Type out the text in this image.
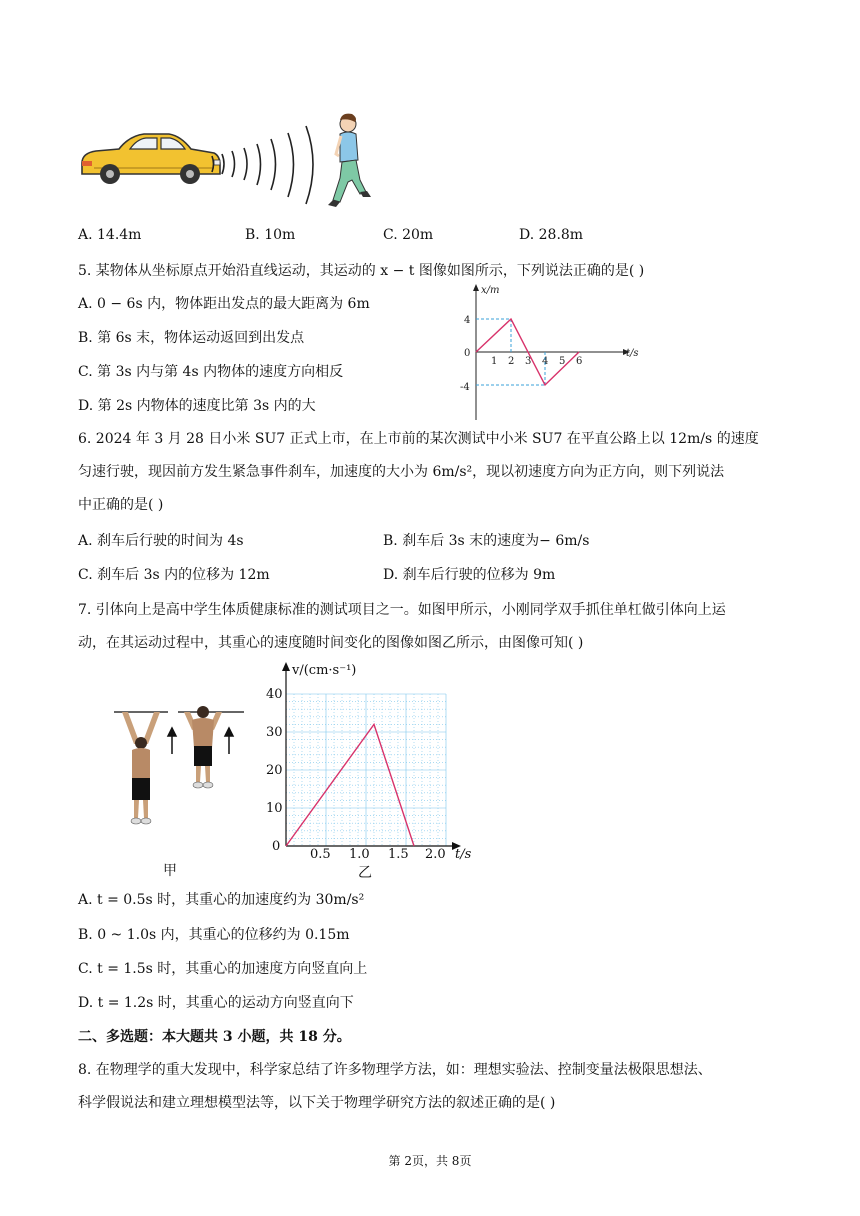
A. 14.4m	B. 10m	C. 20m	D. 28.8m
5. 某物体从坐标原点开始沿直线运动，其运动的 x − t 图像如图所示，下列说法正确的是( )
A. 0 − 6s 内，物体距出发点的最大距离为 6m
B. 第 6s 末，物体运动返回到出发点
C. 第 3s 内与第 4s 内物体的速度方向相反
D. 第 2s 内物体的速度比第 3s 内的大
x/m
t/s
4
0
-4
1 2 3 4 5 6
6. 2024 年 3 月 28 日小米 SU7 正式上市，在上市前的某次测试中小米 SU7 在平直公路上以 12m/s 的速度
匀速行驶，现因前方发生紧急事件刹车，加速度的大小为 6m/s²，现以初速度方向为正方向，则下列说法
中正确的是( )
A. 刹车后行驶的时间为 4s	B. 刹车后 3s 末的速度为− 6m/s
C. 刹车后 3s 内的位移为 12m	D. 刹车后行驶的位移为 9m
7. 引体向上是高中学生体质健康标准的测试项目之一。如图甲所示，小刚同学双手抓住单杠做引体向上运
动，在其运动过程中，其重心的速度随时间变化的图像如图乙所示，由图像可知( )
甲
v/(cm·s⁻¹)
t/s
40
30
20
10
0
0.5 1.0 1.5 2.0
乙
A. t = 0.5s 时，其重心的加速度约为 30m/s²
B. 0 ~ 1.0s 内，其重心的位移约为 0.15m
C. t = 1.5s 时，其重心的加速度方向竖直向上
D. t = 1.2s 时，其重心的运动方向竖直向下
二、多选题：本大题共 3 小题，共 18 分。
8. 在物理学的重大发现中，科学家总结了许多物理学方法，如：理想实验法、控制变量法极限思想法、
科学假说法和建立理想模型法等，以下关于物理学研究方法的叙述正确的是( )
第 2页，共 8页
